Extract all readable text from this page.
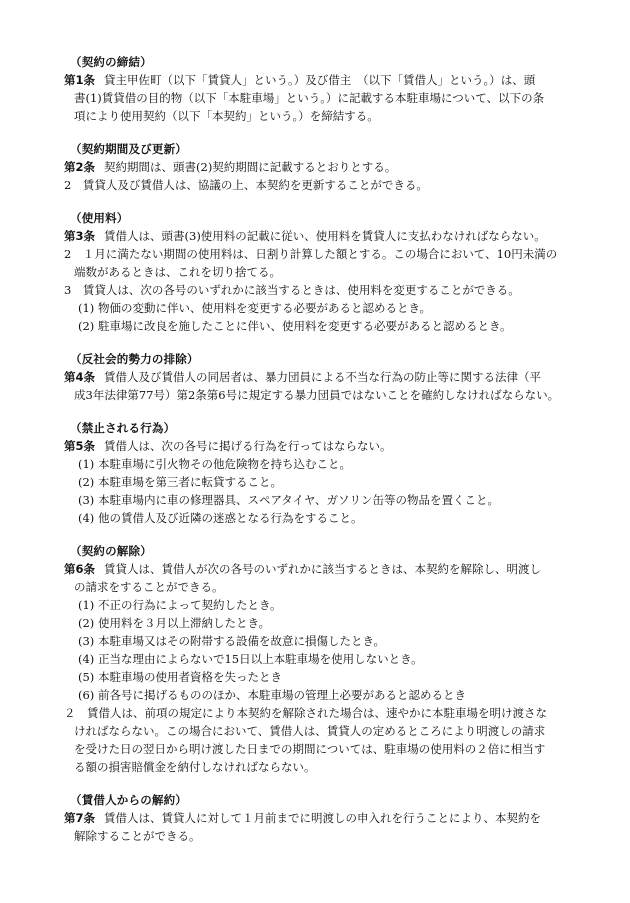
（契約の締結）
第1条 貸主甲佐町（以下「賃貸人」という。）及び借主　（以下「賃借人」という。）は、頭
書(1)賃貸借の目的物（以下「本駐車場」という。）に記載する本駐車場について、以下の条
項により使用契約（以下「本契約」という。）を締結する。
（契約期間及び更新）
第2条 契約期間は、頭書(2)契約期間に記載するとおりとする。
2　賃貸人及び賃借人は、協議の上、本契約を更新することができる。
（使用料）
第3条 賃借人は、頭書(3)使用料の記載に従い、使用料を賃貸人に支払わなければならない。
2　１月に満たない期間の使用料は、日割り計算した額とする。この場合において、10円未満の
端数があるときは、これを切り捨てる。
3　賃貸人は、次の各号のいずれかに該当するときは、使用料を変更することができる。
(1) 物価の変動に伴い、使用料を変更する必要があると認めるとき。
(2) 駐車場に改良を施したことに伴い、使用料を変更する必要があると認めるとき。
（反社会的勢力の排除）
第4条 賃借人及び賃借人の同居者は、暴力団員による不当な行為の防止等に関する法律（平
成3年法律第77号）第2条第6号に規定する暴力団員ではないことを確約しなければならない。
（禁止される行為）
第5条 賃借人は、次の各号に掲げる行為を行ってはならない。
(1) 本駐車場に引火物その他危険物を持ち込むこと。
(2) 本駐車場を第三者に転貸すること。
(3) 本駐車場内に車の修理器具、スペアタイヤ、ガソリン缶等の物品を置くこと。
(4) 他の賃借人及び近隣の迷惑となる行為をすること。
（契約の解除）
第6条 賃貸人は、賃借人が次の各号のいずれかに該当するときは、本契約を解除し、明渡し
の請求をすることができる。
(1) 不正の行為によって契約したとき。
(2) 使用料を３月以上滞納したとき。
(3) 本駐車場又はその附帯する設備を故意に損傷したとき。
(4) 正当な理由によらないで15日以上本駐車場を使用しないとき。
(5) 本駐車場の使用者資格を失ったとき
(6) 前各号に掲げるもののほか、本駐車場の管理上必要があると認めるとき
２　賃借人は、前項の規定により本契約を解除された場合は、速やかに本駐車場を明け渡さな
ければならない。この場合において、賃借人は、賃貸人の定めるところにより明渡しの請求
を受けた日の翌日から明け渡した日までの期間については、駐車場の使用料の２倍に相当す
る額の損害賠償金を納付しなければならない。
（賃借人からの解約）
第7条 賃借人は、賃貸人に対して１月前までに明渡しの申入れを行うことにより、本契約を
解除することができる。
